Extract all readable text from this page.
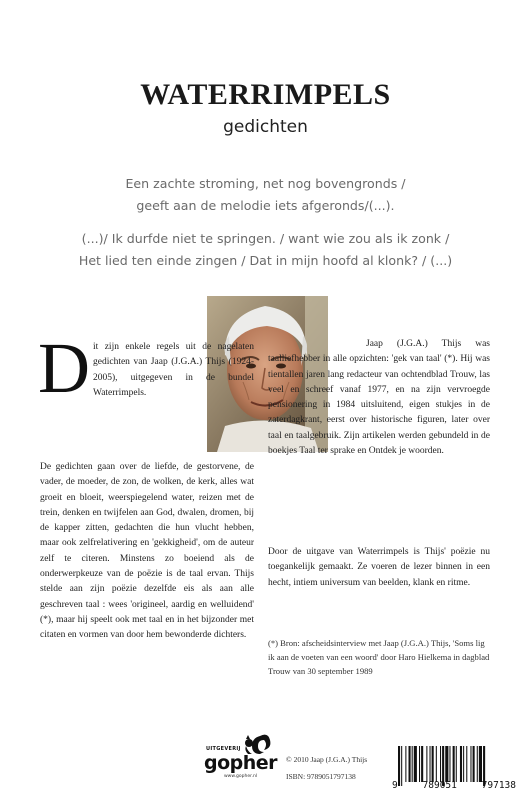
WATERRIMPELS
gedichten
Een zachte stroming, net nog bovengronds /
geeft aan de melodie iets afgeronds/(...).
(...)/ Ik durfde niet te springen. / want wie zou als ik zonk /
Het lied ten einde zingen / Dat in mijn hoofd al klonk? / (...)
Dit zijn enkele regels uit de nagelaten gedichten van Jaap (J.G.A.) Thijs (1924-2005), uitgegeven in de bundel Waterrimpels.
De gedichten gaan over de liefde, de gestorvene, de vader, de moeder, de zon, de wolken, de kerk, alles wat groeit en bloeit, weerspiegelend water, reizen met de trein, denken en twijfelen aan God, dwalen, dromen, bij de kapper zitten, gedachten die hun vlucht hebben, maar ook zelfrelativering en 'gekkigheid', om de auteur zelf te citeren. Minstens zo boeiend als de onderwerpkeuze van de poëzie is de taal ervan. Thijs stelde aan zijn poëzie dezelfde eis als aan alle geschreven taal : wees 'origineel, aardig en welluidend' (*), maar hij speelt ook met taal en in het bijzonder met citaten en vormen van door hem bewonderde dichters.
Jaap (J.G.A.) Thijs was taalliefhebber in alle opzichten: 'gek van taal' (*). Hij was tientallen jaren lang redacteur van ochtendblad Trouw, las veel en schreef vanaf 1977, en na zijn vervroegde pensionering in 1984 uitsluitend, eigen stukjes in de zaterdagkrant, eerst over historische figuren, later over taal en taalgebruik. Zijn artikelen werden gebundeld in de boekjes Taal ter sprake en Ontdek je woorden.
Door de uitgave van Waterrimpels is Thijs' poëzie nu toegankelijk gemaakt. Ze voeren de lezer binnen in een hecht, intiem universum van beelden, klank en ritme.
(*) Bron: afscheidsinterview met Jaap (J.G.A.) Thijs, 'Soms lig ik aan de voeten van een woord' door Haro Hielkema in dagblad Trouw van 30 september 1989
UITGEVERIJ
gopher
www.gopher.nl
© 2010 Jaap (J.G.A.) Thijs
ISBN: 9789051797138
9	789051	797138
